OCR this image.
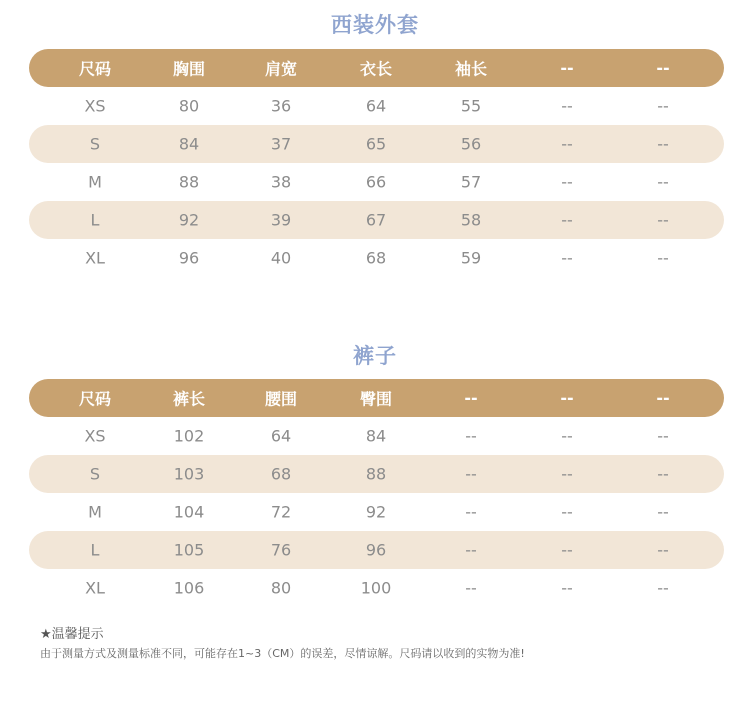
西装外套
尺码	胸围	肩宽	衣长	袖长	--	--
XS	80	36	64	55	--	--
S	84	37	65	56	--	--
M	88	38	66	57	--	--
L	92	39	67	58	--	--
XL	96	40	68	59	--	--
裤子
尺码	裤长	腰围	臀围	--	--	--
XS	102	64	84	--	--	--
S	103	68	88	--	--	--
M	104	72	92	--	--	--
L	105	76	96	--	--	--
XL	106	80	100	--	--	--
★温馨提示
由于测量方式及测量标准不同，可能存在1~3（CM）的误差，尽情谅解。尺码请以收到的实物为准!
